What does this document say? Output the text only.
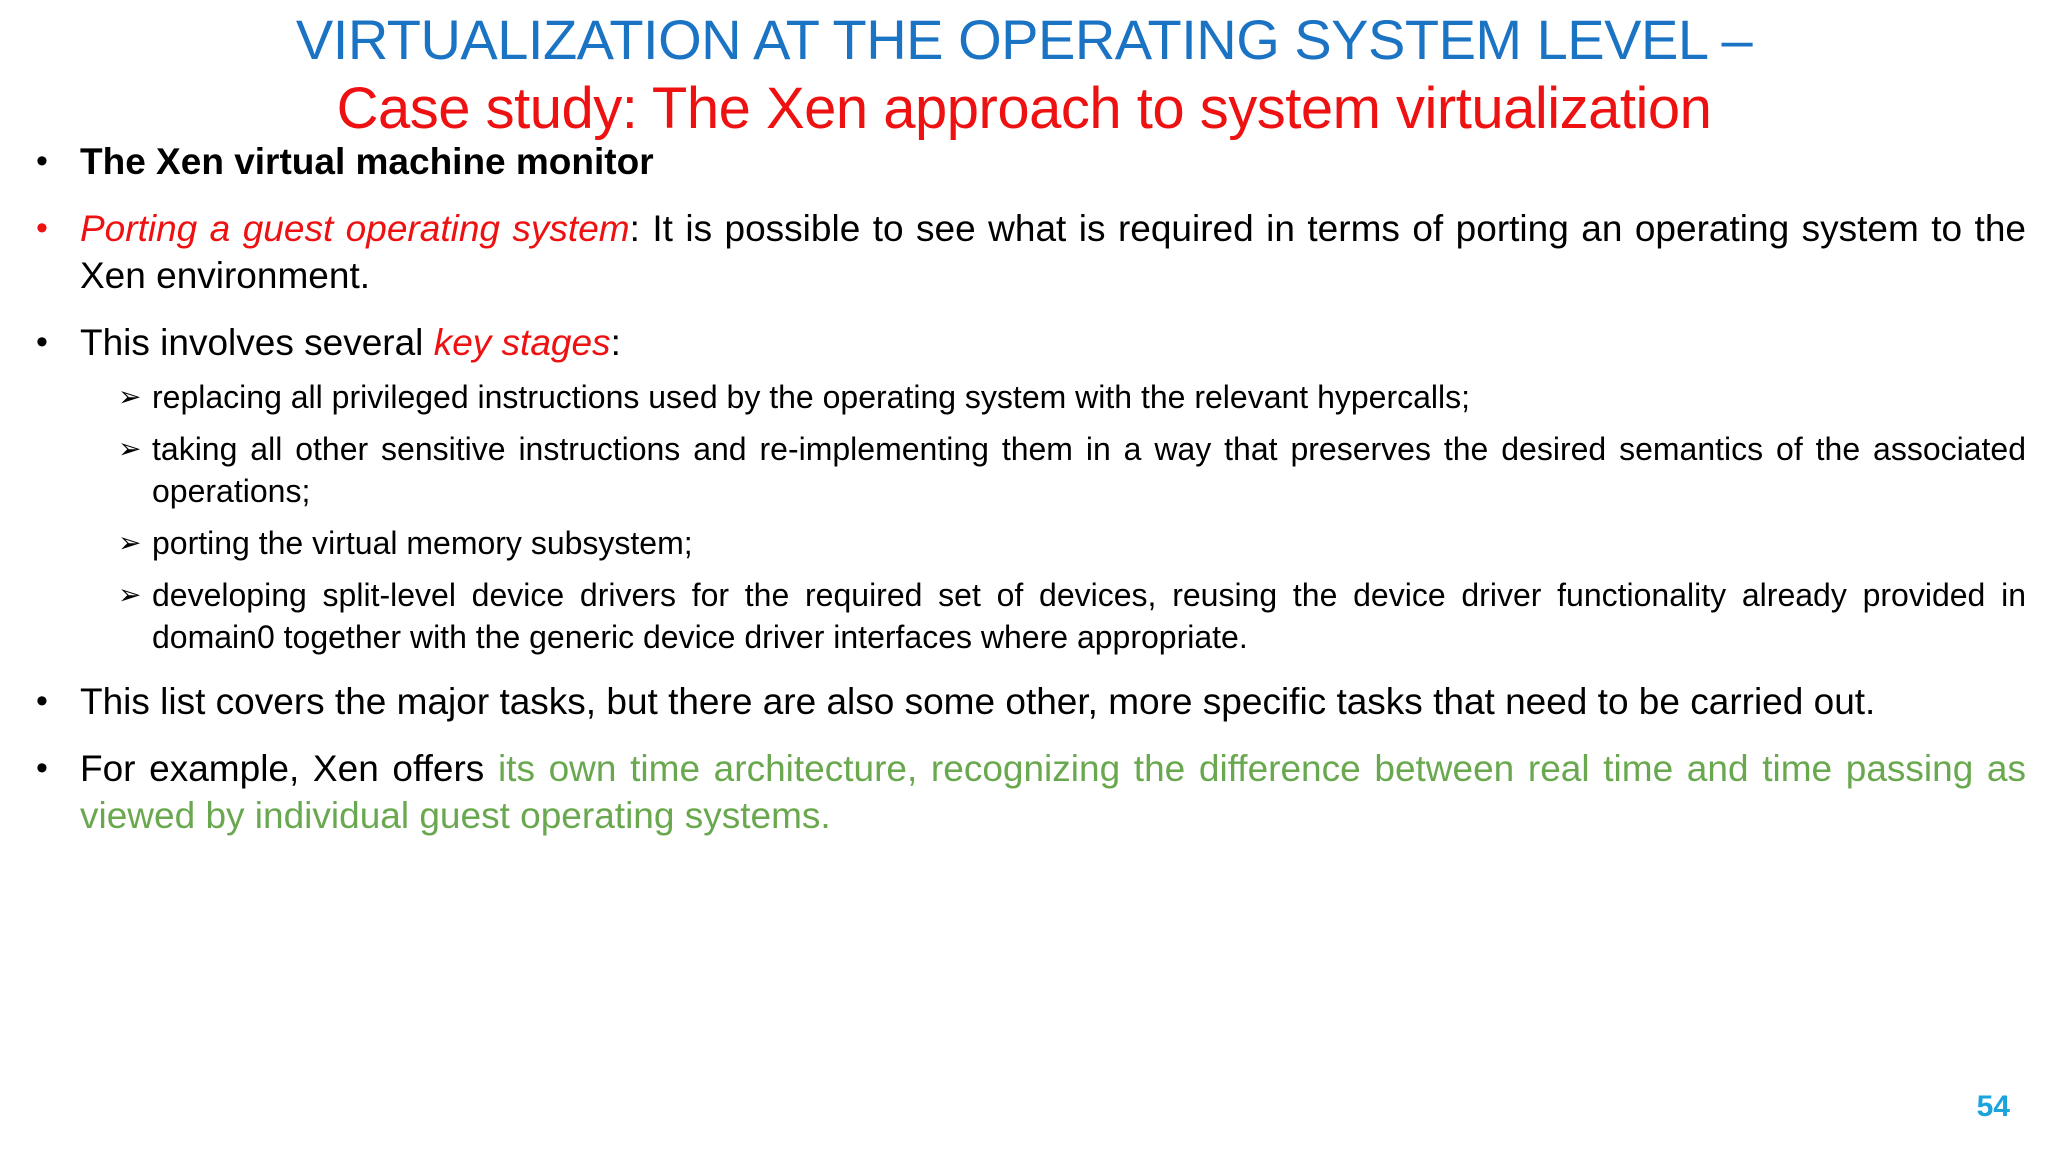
VIRTUALIZATION AT THE OPERATING SYSTEM LEVEL –
Case study: The Xen approach to system virtualization
• The Xen virtual machine monitor
• Porting a guest operating system: It is possible to see what is required in terms of porting an operating system to the Xen environment.
• This involves several key stages:
➢ replacing all privileged instructions used by the operating system with the relevant hypercalls;
➢ taking all other sensitive instructions and re-implementing them in a way that preserves the desired semantics of the associated operations;
➢ porting the virtual memory subsystem;
➢ developing split-level device drivers for the required set of devices, reusing the device driver functionality already provided in domain0 together with the generic device driver interfaces where appropriate.
• This list covers the major tasks, but there are also some other, more specific tasks that need to be carried out.
• For example, Xen offers its own time architecture, recognizing the difference between real time and time passing as viewed by individual guest operating systems.
54
